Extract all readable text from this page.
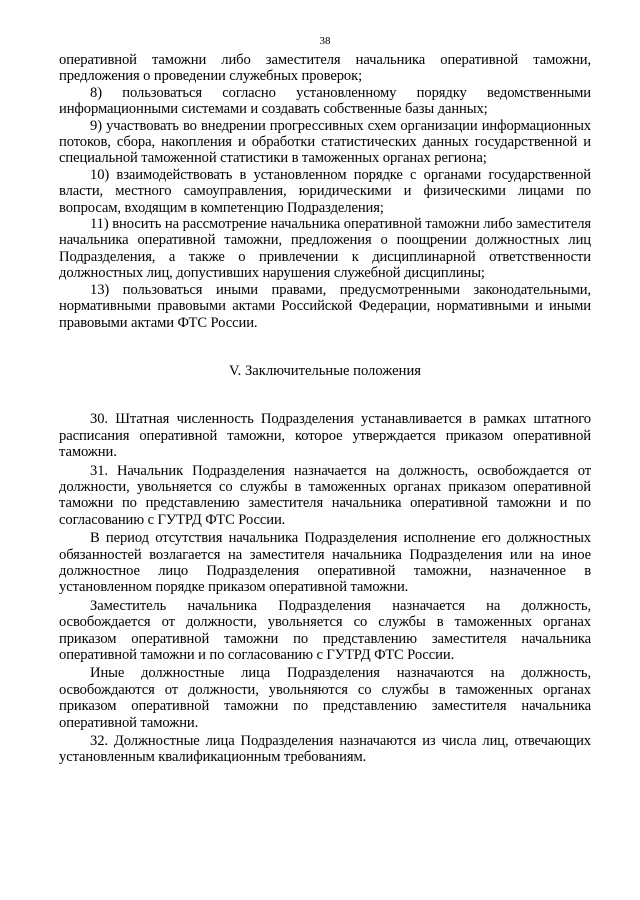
38

оперативной таможни либо заместителя начальника оперативной таможни, предложения о проведении служебных проверок;

8) пользоваться согласно установленному порядку ведомственными информационными системами и создавать собственные базы данных;

9) участвовать во внедрении прогрессивных схем организации информационных потоков, сбора, накопления и обработки статистических данных государственной и специальной таможенной статистики в таможенных органах региона;

10) взаимодействовать в установленном порядке с органами государственной власти, местного самоуправления, юридическими и физическими лицами по вопросам, входящим в компетенцию Подразделения;

11) вносить на рассмотрение начальника оперативной таможни либо заместителя начальника оперативной таможни, предложения о поощрении должностных лиц Подразделения, а также о привлечении к дисциплинарной ответственности должностных лиц, допустивших нарушения служебной дисциплины;

13) пользоваться иными правами, предусмотренными законодательными, нормативными правовыми актами Российской Федерации, нормативными и иными правовыми актами ФТС России.

V. Заключительные положения

30. Штатная численность Подразделения устанавливается в рамках штатного расписания оперативной таможни, которое утверждается приказом оперативной таможни.

31. Начальник Подразделения назначается на должность, освобождается от должности, увольняется со службы в таможенных органах приказом оперативной таможни по представлению заместителя начальника оперативной таможни и по согласованию с ГУТРД ФТС России.

В период отсутствия начальника Подразделения исполнение его должностных обязанностей возлагается на заместителя начальника Подразделения или на иное должностное лицо Подразделения оперативной таможни, назначенное в установленном порядке приказом оперативной таможни.

Заместитель начальника Подразделения назначается на должность, освобождается от должности, увольняется со службы в таможенных органах приказом оперативной таможни по представлению заместителя начальника оперативной таможни и по согласованию с ГУТРД ФТС России.

Иные должностные лица Подразделения назначаются на должность, освобождаются от должности, увольняются со службы в таможенных органах приказом оперативной таможни по представлению заместителя начальника оперативной таможни.

32. Должностные лица Подразделения назначаются из числа лиц, отвечающих установленным квалификационным требованиям.
